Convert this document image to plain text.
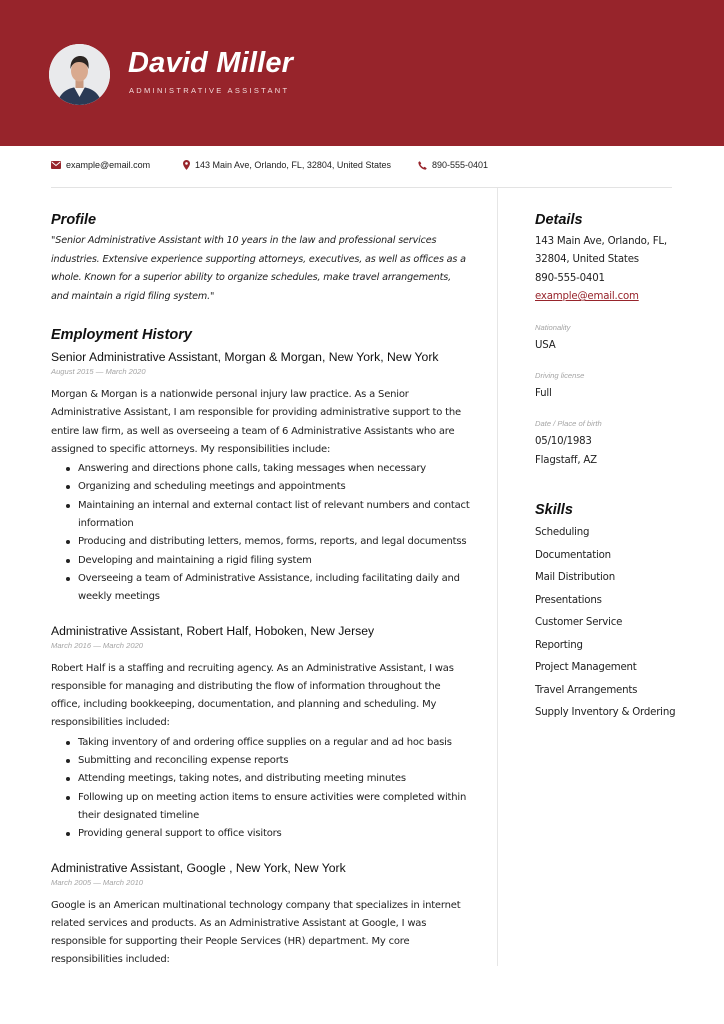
David Miller
ADMINISTRATIVE ASSISTANT
example@email.com	143 Main Ave, Orlando, FL, 32804, United States	890-555-0401
Profile
"Senior Administrative Assistant with 10 years in the law and professional services industries. Extensive experience supporting attorneys, executives, as well as offices as a whole. Known for a superior ability to organize schedules, make travel arrangements, and maintain a rigid filing system."
Employment History
Senior Administrative Assistant, Morgan & Morgan, New York, New York
August 2015 — March 2020
Morgan & Morgan is a nationwide personal injury law practice. As a Senior Administrative Assistant, I am responsible for providing administrative support to the entire law firm, as well as overseeing a team of 6 Administrative Assistants who are assigned to specific attorneys. My responsibilities include:
Answering and directions phone calls, taking messages when necessary
Organizing and scheduling meetings and appointments
Maintaining an internal and external contact list of relevant numbers and contact information
Producing and distributing letters, memos, forms, reports, and legal documentss
Developing and maintaining a rigid filing system
Overseeing a team of Administrative Assistance, including facilitating daily and weekly meetings
Administrative Assistant, Robert Half, Hoboken, New Jersey
March 2016 — March 2020
Robert Half is a staffing and recruiting agency. As an Administrative Assistant, I was responsible for managing and distributing the flow of information throughout the office, including bookkeeping, documentation, and planning and scheduling. My responsibilities included:
Taking inventory of and ordering office supplies on a regular and ad hoc basis
Submitting and reconciling expense reports
Attending meetings, taking notes, and distributing meeting minutes
Following up on meeting action items to ensure activities were completed within their designated timeline
Providing general support to office visitors
Administrative Assistant, Google , New York, New York
March 2005 — March 2010
Google is an American multinational technology company that specializes in internet related services and products. As an Administrative Assistant at Google, I was responsible for supporting their People Services (HR) department. My core responsibilities included:
Details
143 Main Ave, Orlando, FL,
32804, United States
890-555-0401
example@email.com
Nationality
USA
Driving license
Full
Date / Place of birth
05/10/1983
Flagstaff, AZ
Skills
Scheduling
Documentation
Mail Distribution
Presentations
Customer Service
Reporting
Project Management
Travel Arrangements
Supply Inventory & Ordering
